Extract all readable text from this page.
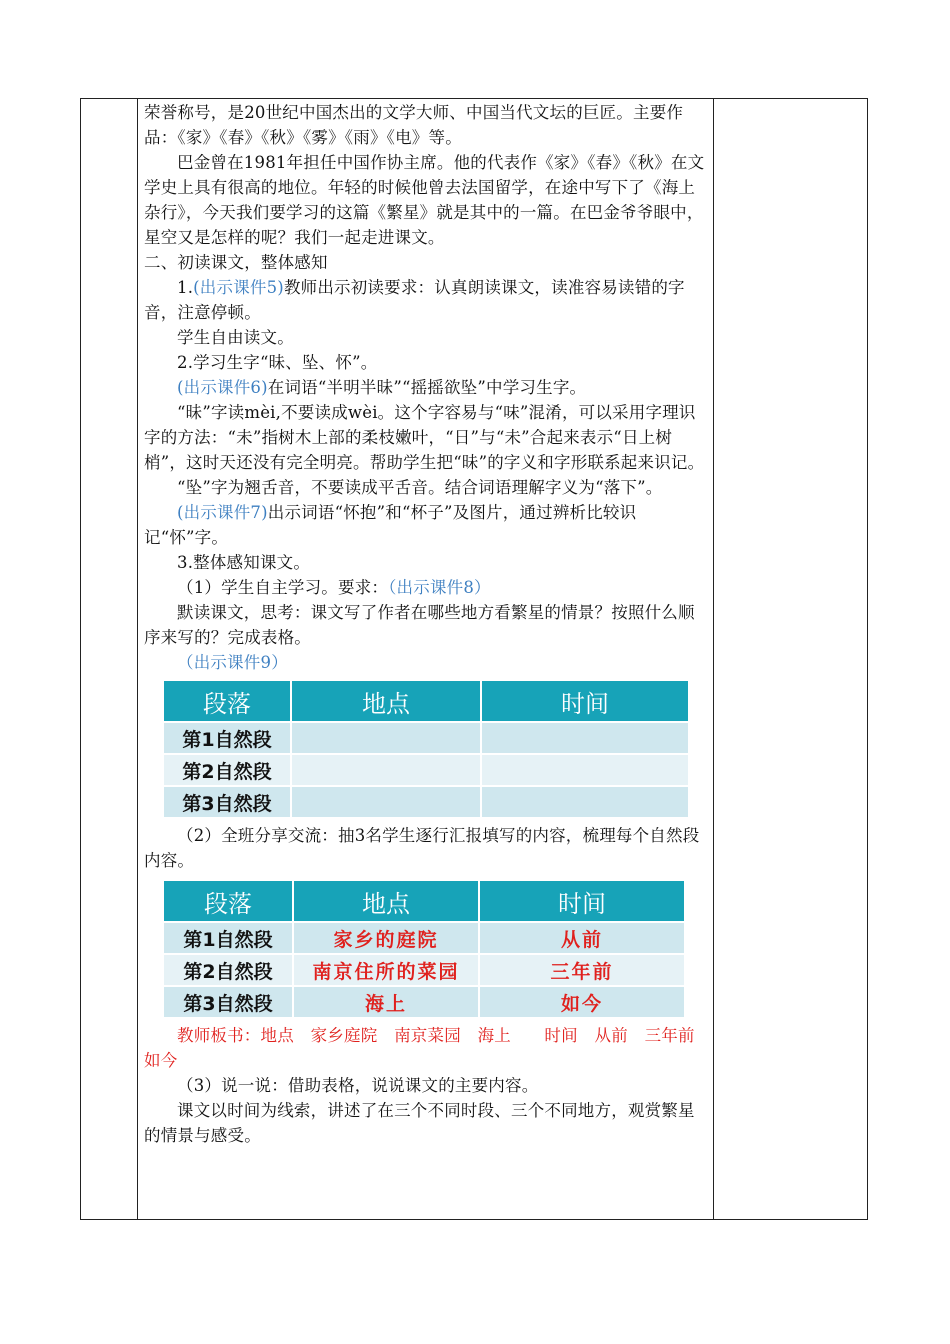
荣誉称号，是20世纪中国杰出的文学大师、中国当代文坛的巨匠。主要作品：《家》《春》《秋》《雾》《雨》《电》等。

巴金曾在1981年担任中国作协主席。他的代表作《家》《春》《秋》在文学史上具有很高的地位。年轻的时候他曾去法国留学，在途中写下了《海上杂行》，今天我们要学习的这篇《繁星》就是其中的一篇。在巴金爷爷眼中，星空又是怎样的呢？我们一起走进课文。

二、初读课文，整体感知

1.(出示课件5)教师出示初读要求：认真朗读课文，读准容易读错的字音，注意停顿。

学生自由读文。

2.学习生字“昧、坠、怀”。

(出示课件6)在词语“半明半昧”“摇摇欲坠”中学习生字。

“昧”字读mèi,不要读成wèi。这个字容易与“味”混淆，可以采用字理识字的方法：“未”指树木上部的柔枝嫩叶，“日”与“未”合起来表示“日上树梢”，这时天还没有完全明亮。帮助学生把“昧”的字义和字形联系起来识记。

“坠”字为翘舌音，不要读成平舌音。结合词语理解字义为“落下”。

(出示课件7)出示词语“怀抱”和“杯子”及图片，通过辨析比较识记“怀”字。

3.整体感知课文。

（1）学生自主学习。要求：（出示课件8）

默读课文，思考：课文写了作者在哪些地方看繁星的情景？按照什么顺序来写的？完成表格。

（出示课件9）

段落	地点	时间
第1自然段		
第2自然段		
第3自然段		

（2）全班分享交流：抽3名学生逐行汇报填写的内容，梳理每个自然段内容。

段落	地点	时间
第1自然段	家乡的庭院	从前
第2自然段	南京住所的菜园	三年前
第3自然段	海上	如今

教师板书：地点　家乡庭院　南京菜园　海上　　时间　从前　三年前　如今

（3）说一说：借助表格，说说课文的主要内容。

课文以时间为线索，讲述了在三个不同时段、三个不同地方，观赏繁星的情景与感受。
